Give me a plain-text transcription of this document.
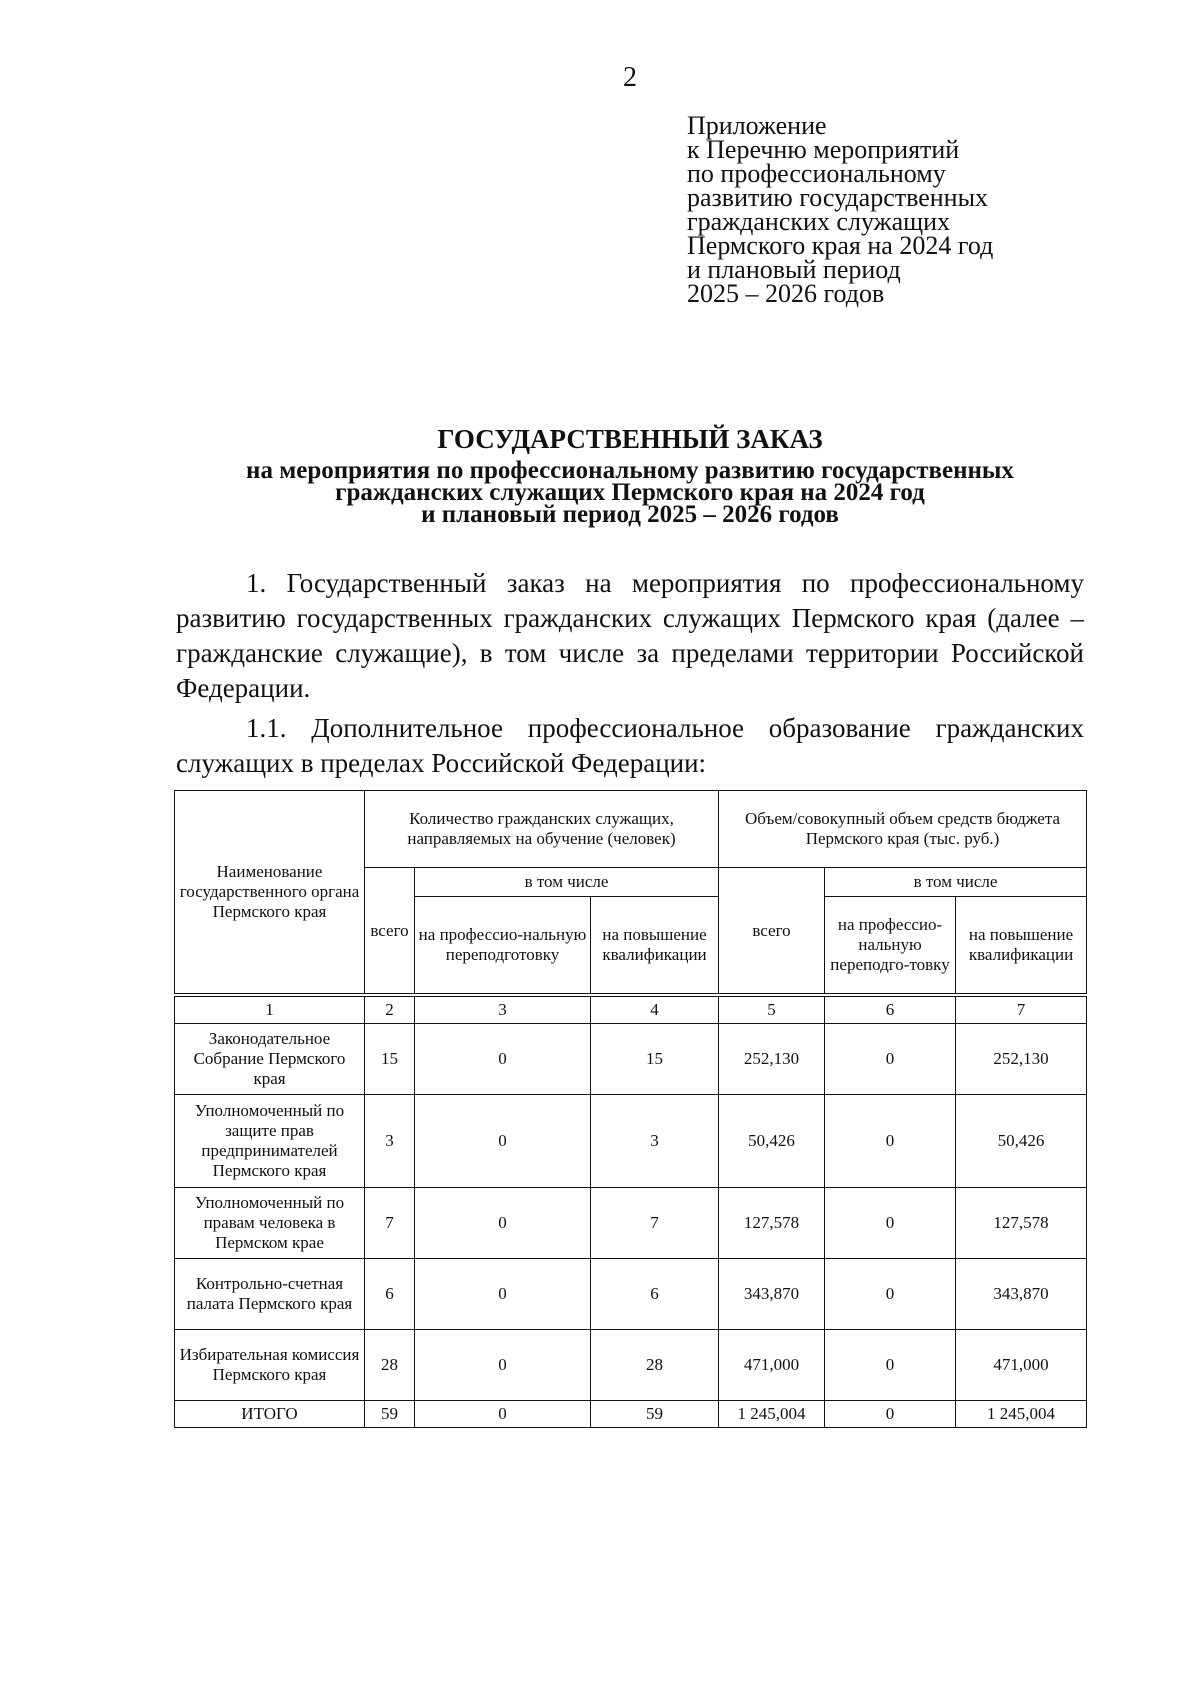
2
Приложение
к Перечню мероприятий
по профессиональному
развитию государственных
гражданских служащих
Пермского края на 2024 год
и плановый период
2025 – 2026 годов
ГОСУДАРСТВЕННЫЙ ЗАКАЗ
на мероприятия по профессиональному развитию государственных
гражданских служащих Пермского края на 2024 год
и плановый период 2025 – 2026 годов
1. Государственный заказ на мероприятия по профессиональному развитию государственных гражданских служащих Пермского края (далее – гражданские служащие), в том числе за пределами территории Российской Федерации.
1.1. Дополнительное профессиональное образование гражданских служащих в пределах Российской Федерации:
Наименование государственного органа Пермского края	Количество гражданских служащих, направляемых на обучение (человек)			Объем/совокупный объем средств бюджета Пермского края (тыс. руб.)		
	всего	в том числе		всего	в том числе	
		на профессио-нальную переподготовку	на повышение квалификации		на профессио-нальную переподго-товку	на повышение квалификации
1	2	3	4	5	6	7
Законодательное Собрание Пермского края	15	0	15	252,130	0	252,130
Уполномоченный по защите прав предпринимателей Пермского края	3	0	3	50,426	0	50,426
Уполномоченный по правам человека в Пермском крае	7	0	7	127,578	0	127,578
Контрольно-счетная палата Пермского края	6	0	6	343,870	0	343,870
Избирательная комиссия Пермского края	28	0	28	471,000	0	471,000
ИТОГО	59	0	59	1 245,004	0	1 245,004
